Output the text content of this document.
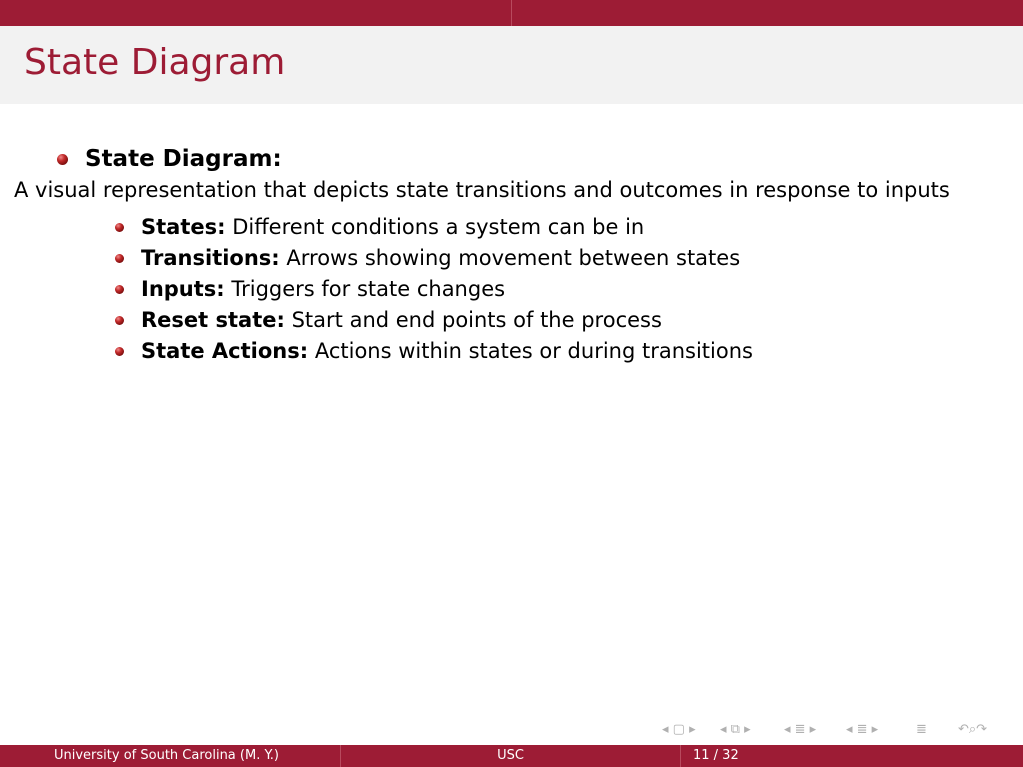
State Diagram
State Diagram:
A visual representation that depicts state transitions and outcomes in response to inputs
States: Different conditions a system can be in
Transitions: Arrows showing movement between states
Inputs: Triggers for state changes
Reset state: Start and end points of the process
State Actions: Actions within states or during transitions
◂ ▢ ▸ ◂ ⧉ ▸	◂ ≣ ▸ ◂ ≣ ▸	≣ ↶⌕↷
University of South Carolina (M. Y.)	USC	11 / 32
